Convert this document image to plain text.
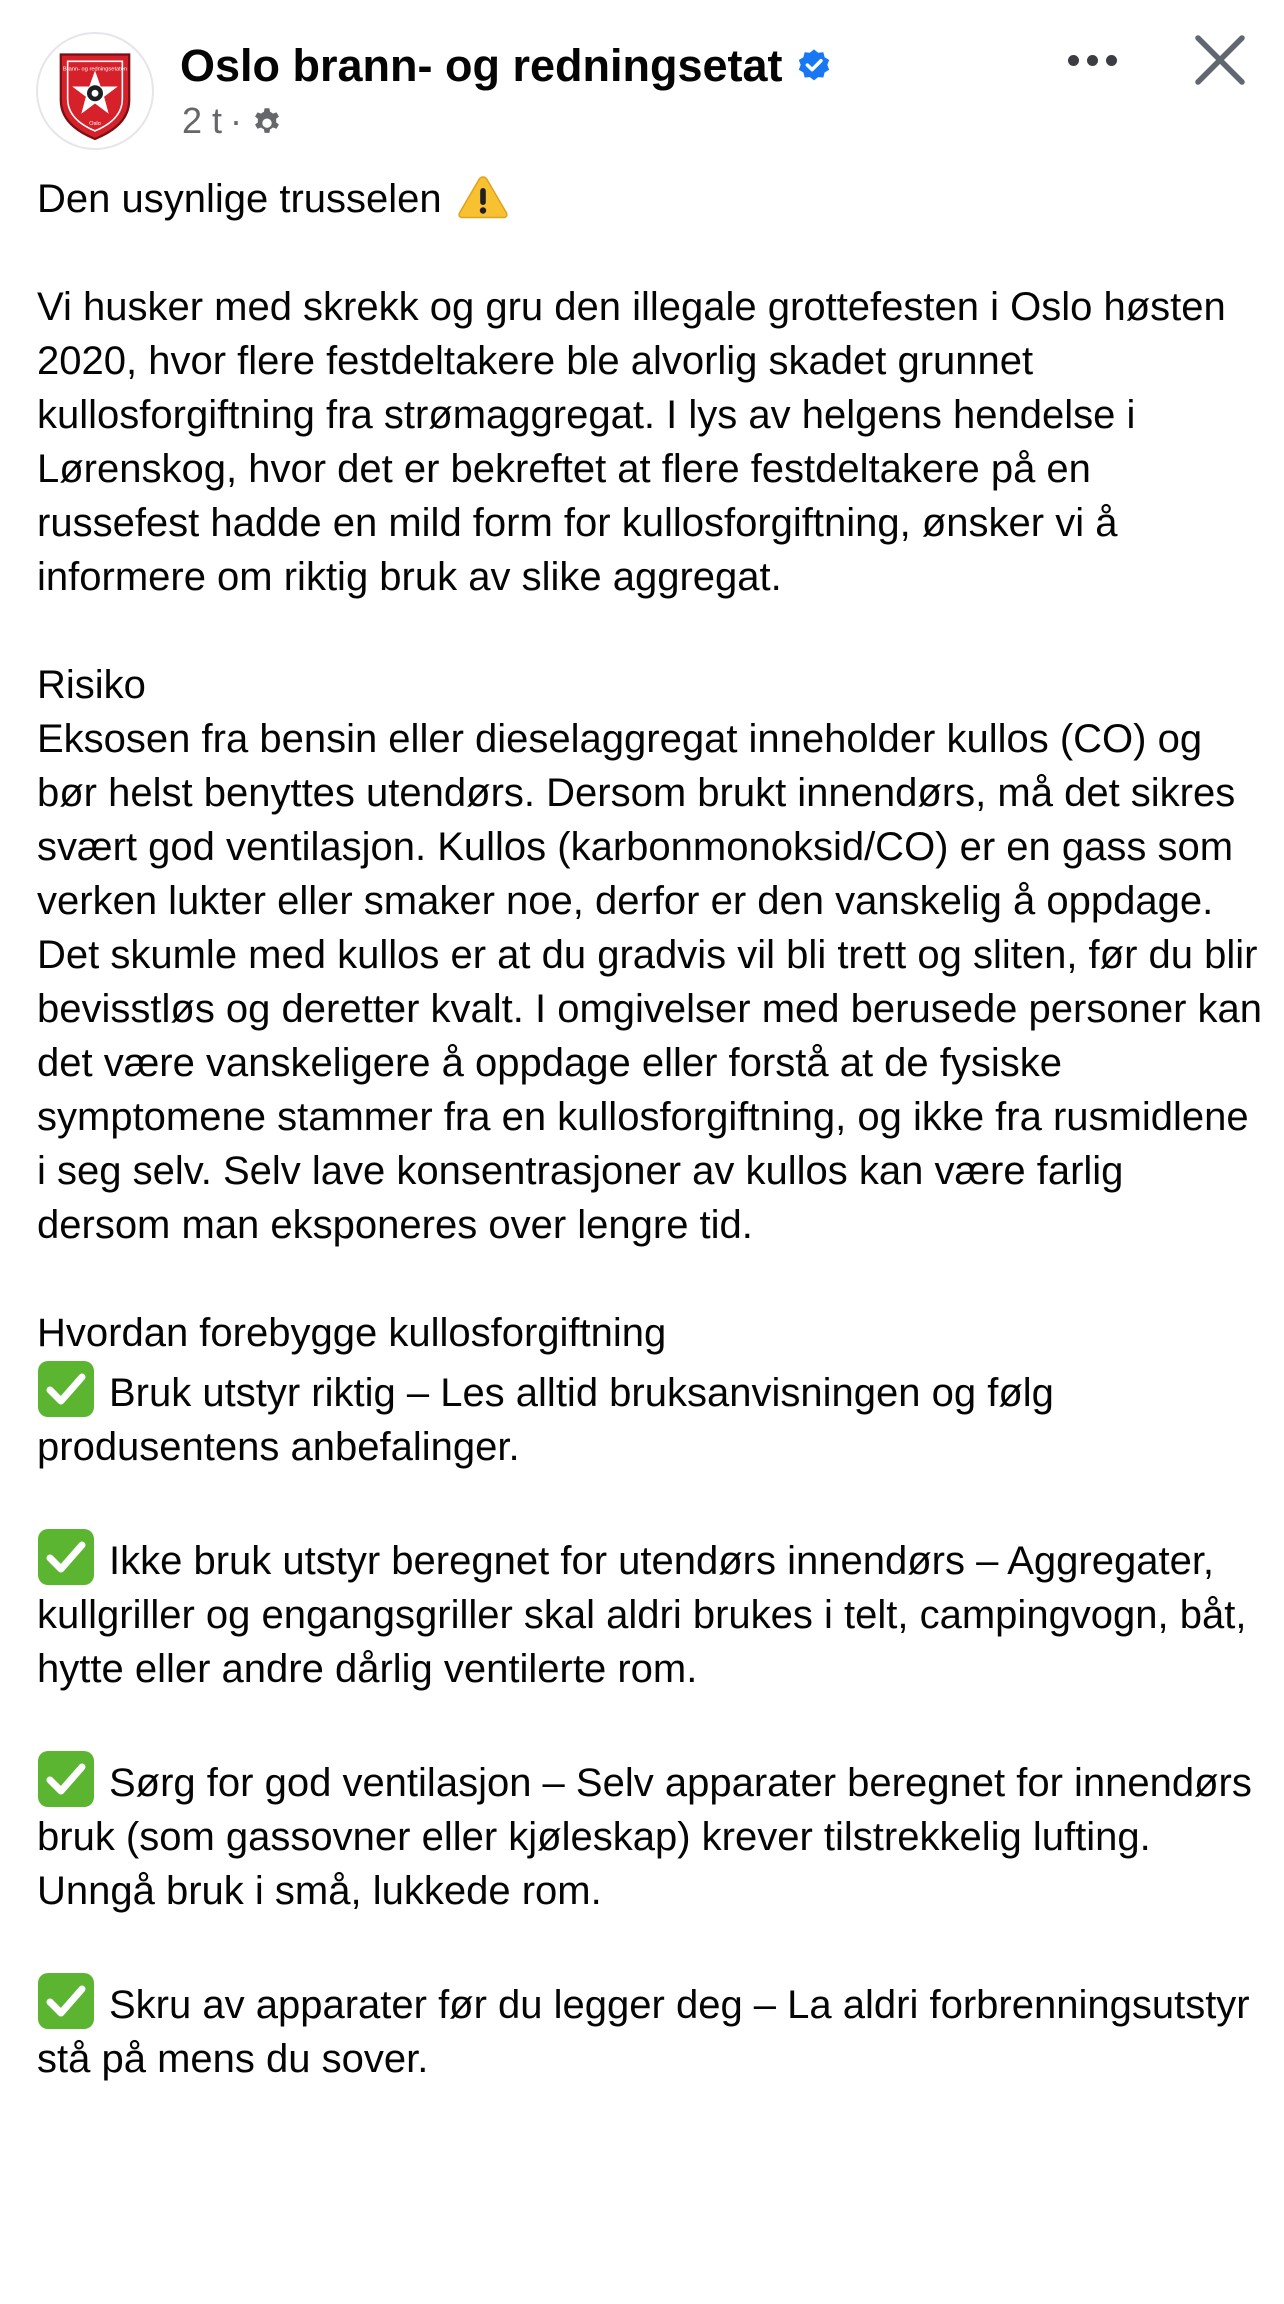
Brann- og redningsetaten
Oslo
Oslo brann- og redningsetat
2 t ·

Den usynlige trusselen

Vi husker med skrekk og gru den illegale grottefesten i Oslo høsten 2020, hvor flere festdeltakere ble alvorlig skadet grunnet kullosforgiftning fra strømaggregat. I lys av helgens hendelse i Lørenskog, hvor det er bekreftet at flere festdeltakere på en russefest hadde en mild form for kullosforgiftning, ønsker vi å informere om riktig bruk av slike aggregat.

Risiko

Eksosen fra bensin eller dieselaggregat inneholder kullos (CO) og bør helst benyttes utendørs. Dersom brukt innendørs, må det sikres svært god ventilasjon. Kullos (karbonmonoksid/CO) er en gass som verken lukter eller smaker noe, derfor er den vanskelig å oppdage. Det skumle med kullos er at du gradvis vil bli trett og sliten, før du blir bevisstløs og deretter kvalt. I omgivelser med berusede personer kan det være vanskeligere å oppdage eller forstå at de fysiske symptomene stammer fra en kullosforgiftning, og ikke fra rusmidlene i seg selv. Selv lave konsentrasjoner av kullos kan være farlig dersom man eksponeres over lengre tid.

Hvordan forebygge kullosforgiftning

Bruk utstyr riktig – Les alltid bruksanvisningen og følg produsentens anbefalinger.

Ikke bruk utstyr beregnet for utendørs innendørs – Aggregater, kullgriller og engangsgriller skal aldri brukes i telt, campingvogn, båt, hytte eller andre dårlig ventilerte rom.

Sørg for god ventilasjon – Selv apparater beregnet for innendørs bruk (som gassovner eller kjøleskap) krever tilstrekkelig lufting. Unngå bruk i små, lukkede rom.

Skru av apparater før du legger deg – La aldri forbrenningsutstyr stå på mens du sover.
